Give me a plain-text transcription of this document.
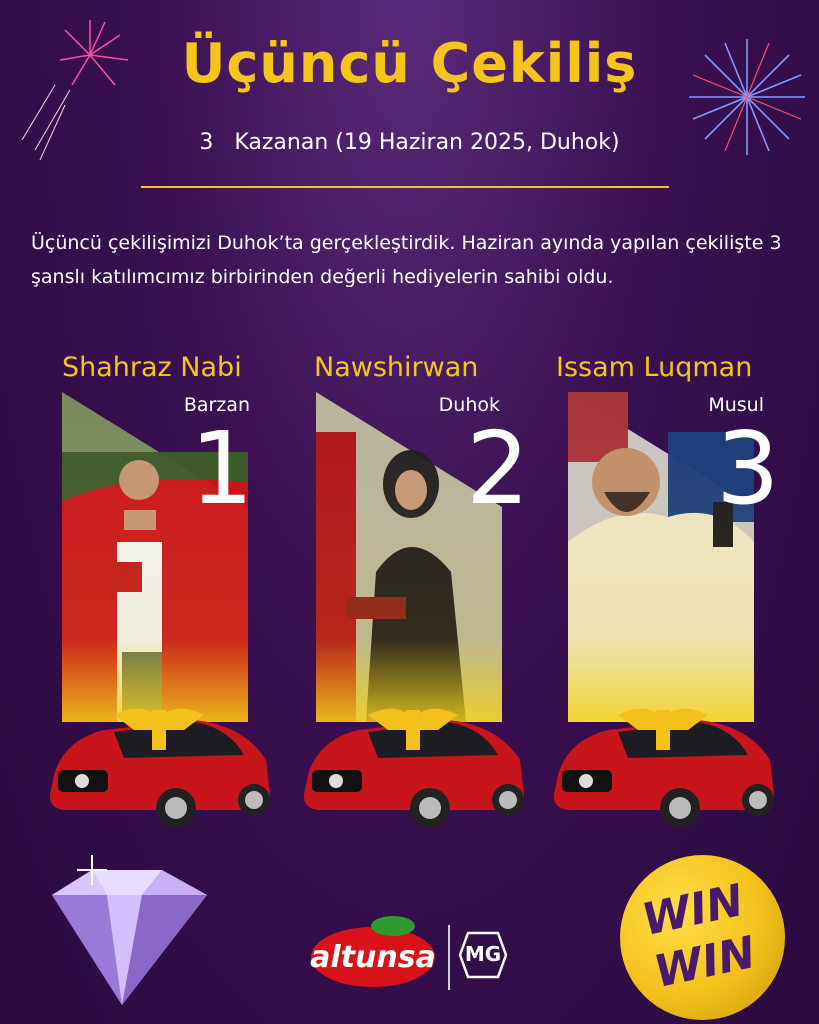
Üçüncü Çekiliş
3   Kazanan (19 Haziran 2025, Duhok)
Üçüncü çekilişimizi Duhok’ta gerçekleştirdik. Haziran ayında yapılan çekilişte 3 şanslı katılımcımız birbirinden değerli hediyelerin sahibi oldu.
Shahraz Nabi
Barzan
1
Nawshirwan
Duhok
2
Issam Luqman
Musul
3
altunsa	MG
WIN
WIN
